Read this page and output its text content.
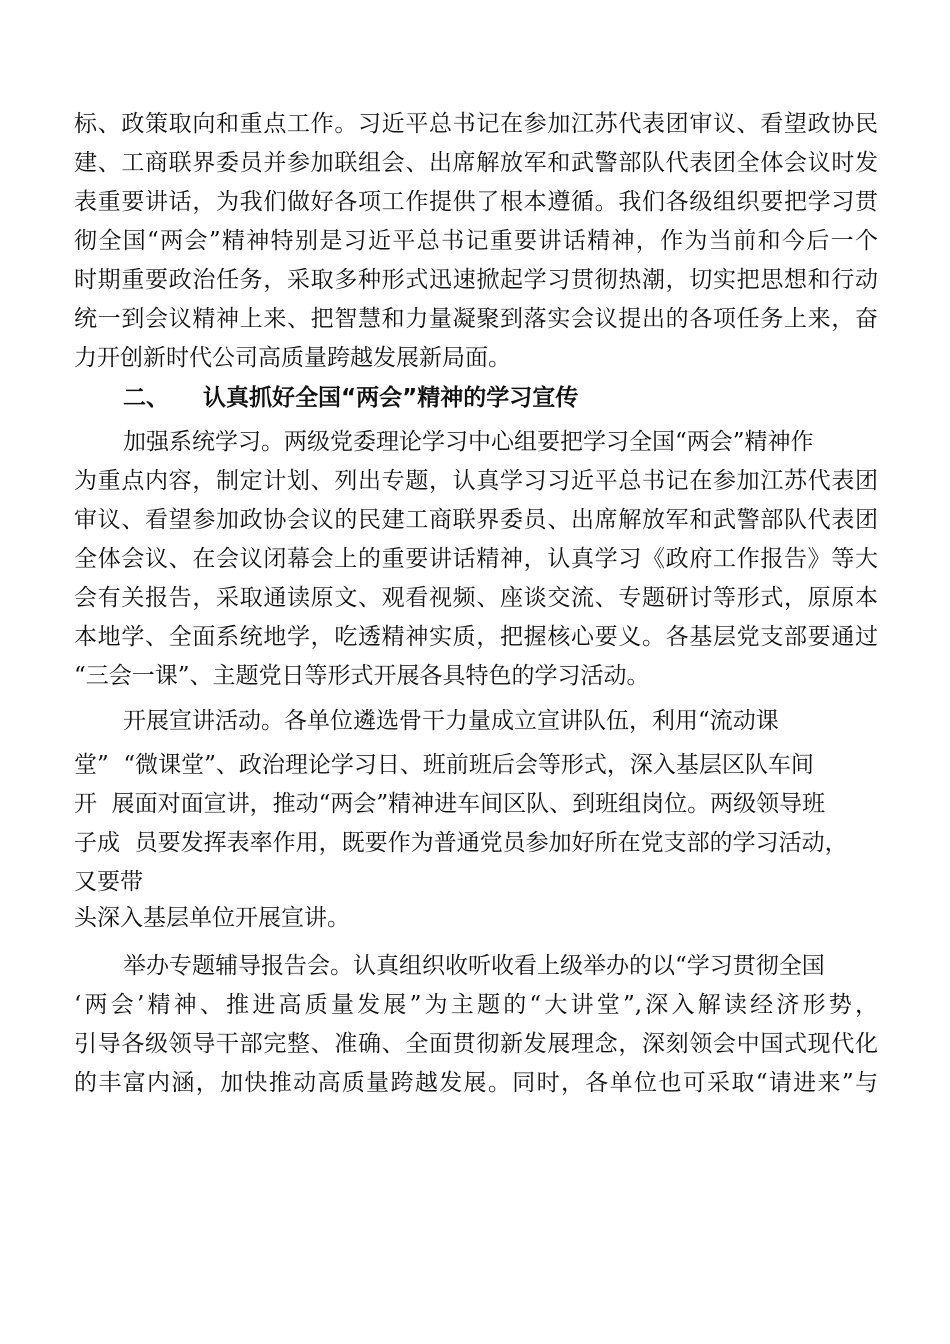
标、政策取向和重点工作。习近平总书记在参加江苏代表团审议、看望政协民
建、工商联界委员并参加联组会、出席解放军和武警部队代表团全体会议时发
表重要讲话，为我们做好各项工作提供了根本遵循。我们各级组织要把学习贯
彻全国“两会”精神特别是习近平总书记重要讲话精神，作为当前和今后一个
时期重要政治任务，采取多种形式迅速掀起学习贯彻热潮，切实把思想和行动
统一到会议精神上来、把智慧和力量凝聚到落实会议提出的各项任务上来，奋
力开创新时代公司高质量跨越发展新局面。
二、 认真抓好全国“两会”精神的学习宣传
加强系统学习。两级党委理论学习中心组要把学习全国“两会”精神作
为重点内容，制定计划、列出专题，认真学习习近平总书记在参加江苏代表团
审议、看望参加政协会议的民建工商联界委员、出席解放军和武警部队代表团
全体会议、在会议闭幕会上的重要讲话精神，认真学习《政府工作报告》等大
会有关报告，采取通读原文、观看视频、座谈交流、专题研讨等形式，原原本
本地学、全面系统地学，吃透精神实质，把握核心要义。各基层党支部要通过
“三会一课”、主题党日等形式开展各具特色的学习活动。
开展宣讲活动。各单位遴选骨干力量成立宣讲队伍，利用“流动课
堂”  “微课堂”、政治理论学习日、班前班后会等形式，深入基层区队车间
开  展面对面宣讲，推动“两会”精神进车间区队、到班组岗位。两级领导班
子成  员要发挥表率作用，既要作为普通党员参加好所在党支部的学习活动，
又要带
头深入基层单位开展宣讲。
举办专题辅导报告会。认真组织收听收看上级举办的以“学习贯彻全国
‘两会’精神、推进高质量发展”为主题的“大讲堂”,深入解读经济形势，
引导各级领导干部完整、准确、全面贯彻新发展理念，深刻领会中国式现代化
的丰富内涵，加快推动高质量跨越发展。同时，各单位也可采取“请进来”与
